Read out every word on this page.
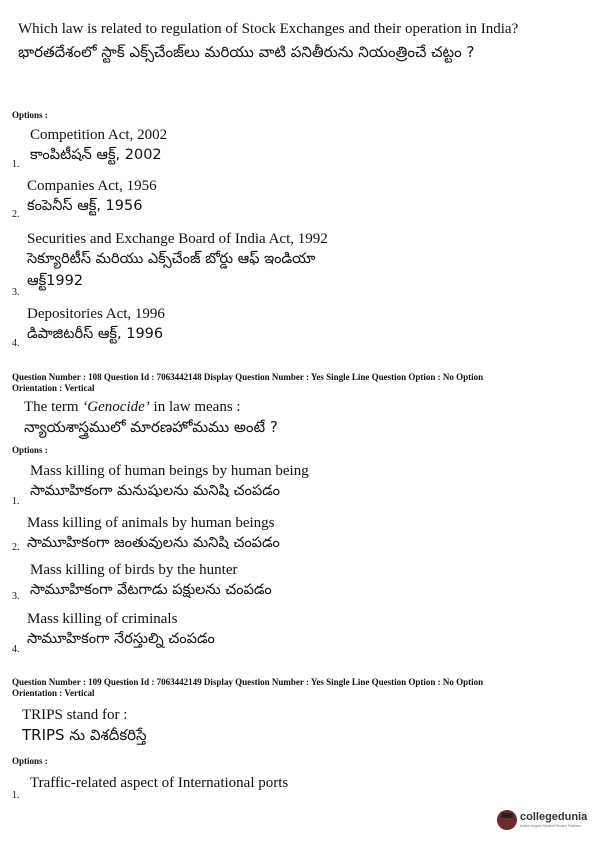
Which law is related to regulation of Stock Exchanges and their operation in India?
భారతదేశంలో స్టాక్ ఎక్స్‌చేంజ్‌లు మరియు వాటి పనితీరును నియంత్రించే చట్టం ?
Options :
Competition Act, 2002
కాంపిటీషన్ ఆక్ట్, 2002
1.
Companies Act, 1956
కంపెనీస్ ఆక్ట్, 1956
2.
Securities and Exchange Board of India Act, 1992
సెక్యూరిటీస్ మరియు ఎక్స్‌చేంజ్ బోర్డు ఆఫ్ ఇండియా
ఆక్ట్1992
3.
Depositories Act, 1996
డిపాజిటరీస్ ఆక్ట్, 1996
4.
Question Number : 108 Question Id : 7063442148 Display Question Number : Yes Single Line Question Option : No Option
Orientation : Vertical
The term ‘Genocide’ in law means :
న్యాయశాస్త్రములో మారణహోమము అంటే ?
Options :
Mass killing of human beings by human being
సామూహికంగా మనుషులను మనిషి చంపడం
1.
Mass killing of animals by human beings
సామూహికంగా జంతువులను మనిషి చంపడం
2.
Mass killing of birds by the hunter
సామూహికంగా వేటగాడు పక్షులను చంపడం
3.
Mass killing of criminals
సామూహికంగా నేరస్తుల్ని చంపడం
4.
Question Number : 109 Question Id : 7063442149 Display Question Number : Yes Single Line Question Option : No Option
Orientation : Vertical
TRIPS stand for :
TRIPS ను విశదీకరిస్తే
Options :
Traffic-related aspect of International ports
1.
collegedunia
India's largest Student Review Platform
